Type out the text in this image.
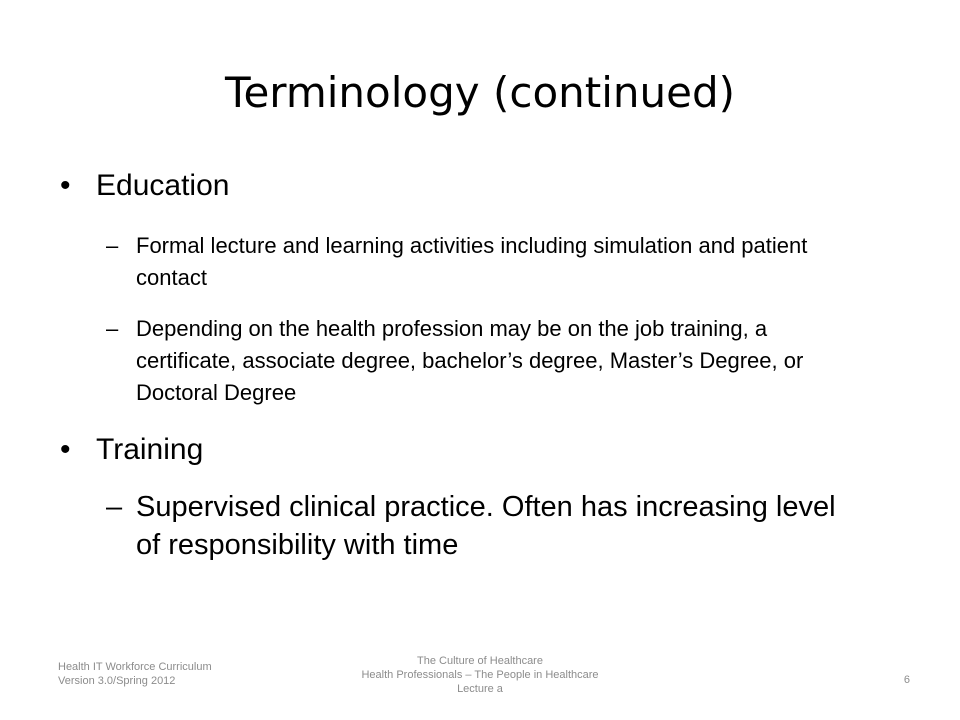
Terminology (continued)
• Education
– Formal lecture and learning activities including simulation and patient contact
– Depending on the health profession may be on the job training, a certificate, associate degree, bachelor’s degree, Master’s Degree, or Doctoral Degree
• Training
– Supervised clinical practice. Often has increasing level of responsibility with time
Health IT Workforce Curriculum
Version 3.0/Spring 2012
The Culture of Healthcare
Health Professionals – The People in Healthcare
Lecture a
6
